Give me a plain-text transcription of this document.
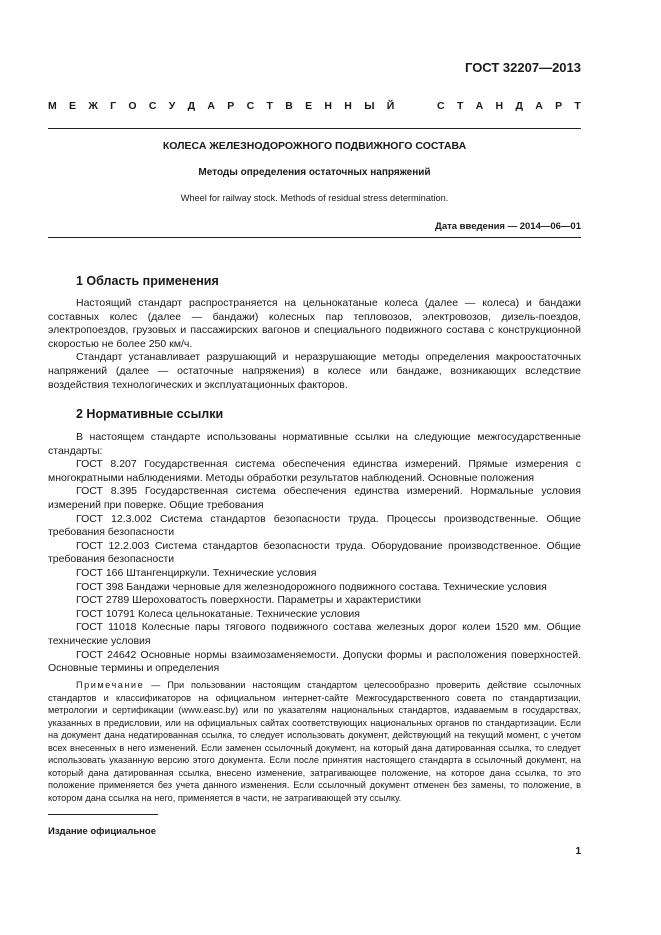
ГОСТ 32207—2013
М Е Ж Г О С У Д А Р С Т В Е Н Н Ы Й

	С Т А Н Д А Р Т
КОЛЕСА ЖЕЛЕЗНОДОРОЖНОГО ПОДВИЖНОГО СОСТАВА
Методы определения остаточных напряжений
Wheel for railway stock. Methods of residual stress determination.
Дата введения — 2014—06—01
1 Область применения

Настоящий стандарт распространяется на цельнокатаные колеса (далее — колеса) и бандажи составных колес (далее — бандажи) колесных пар тепловозов, электровозов, дизель-поездов, электропоездов, грузовых и пассажирских вагонов и специального подвижного состава с конструкционной скоростью не более 250 км/ч.

Стандарт устанавливает разрушающий и неразрушающие методы определения макроостаточных напряжений (далее — остаточные напряжения) в колесе или бандаже, возникающих вследствие воздействия технологических и эксплуатационных факторов.

2 Нормативные ссылки

В настоящем стандарте использованы нормативные ссылки на следующие межгосударственные стандарты:

ГОСТ 8.207 Государственная система обеспечения единства измерений. Прямые измерения с многократными наблюдениями. Методы обработки результатов наблюдений. Основные положения

ГОСТ 8.395 Государственная система обеспечения единства измерений. Нормальные условия измерений при поверке. Общие требования

ГОСТ 12.3.002 Система стандартов безопасности труда. Процессы производственные. Общие требования безопасности

ГОСТ 12.2.003 Система стандартов безопасности труда. Оборудование производственное. Общие требования безопасности

ГОСТ 166 Штангенциркули. Технические условия

ГОСТ 398 Бандажи черновые для железнодорожного подвижного состава. Технические условия

ГОСТ 2789 Шероховатость поверхности. Параметры и характеристики

ГОСТ 10791 Колеса цельнокатаные. Технические условия

ГОСТ 11018 Колесные пары тягового подвижного состава железных дорог колеи 1520 мм. Общие технические условия

ГОСТ 24642 Основные нормы взаимозаменяемости. Допуски формы и расположения поверхностей. Основные термины и определения

Примечание — При пользовании настоящим стандартом целесообразно проверить действие ссылочных стандартов и классификаторов на официальном интернет-сайте Межгосударственного совета по стандартизации, метрологии и сертификации (www.easc.by) или по указателям национальных стандартов, издаваемым в государствах, указанных в предисловии, или на официальных сайтах соответствующих национальных органов по стандартизации. Если на документ дана недатированная ссылка, то следует использовать документ, действующий на текущий момент, с учетом всех внесенных в него изменений. Если заменен ссылочный документ, на который дана датированная ссылка, то следует использовать указанную версию этого документа. Если после принятия настоящего стандарта в ссылочный документ, на который дана датированная ссылка, внесено изменение, затрагивающее положение, на которое дана ссылка, то это положение применяется без учета данного изменения. Если ссылочный документ отменен без замены, то положение, в котором дана ссылка на него, применяется в части, не затрагивающей эту ссылку.
Издание официальное
1
